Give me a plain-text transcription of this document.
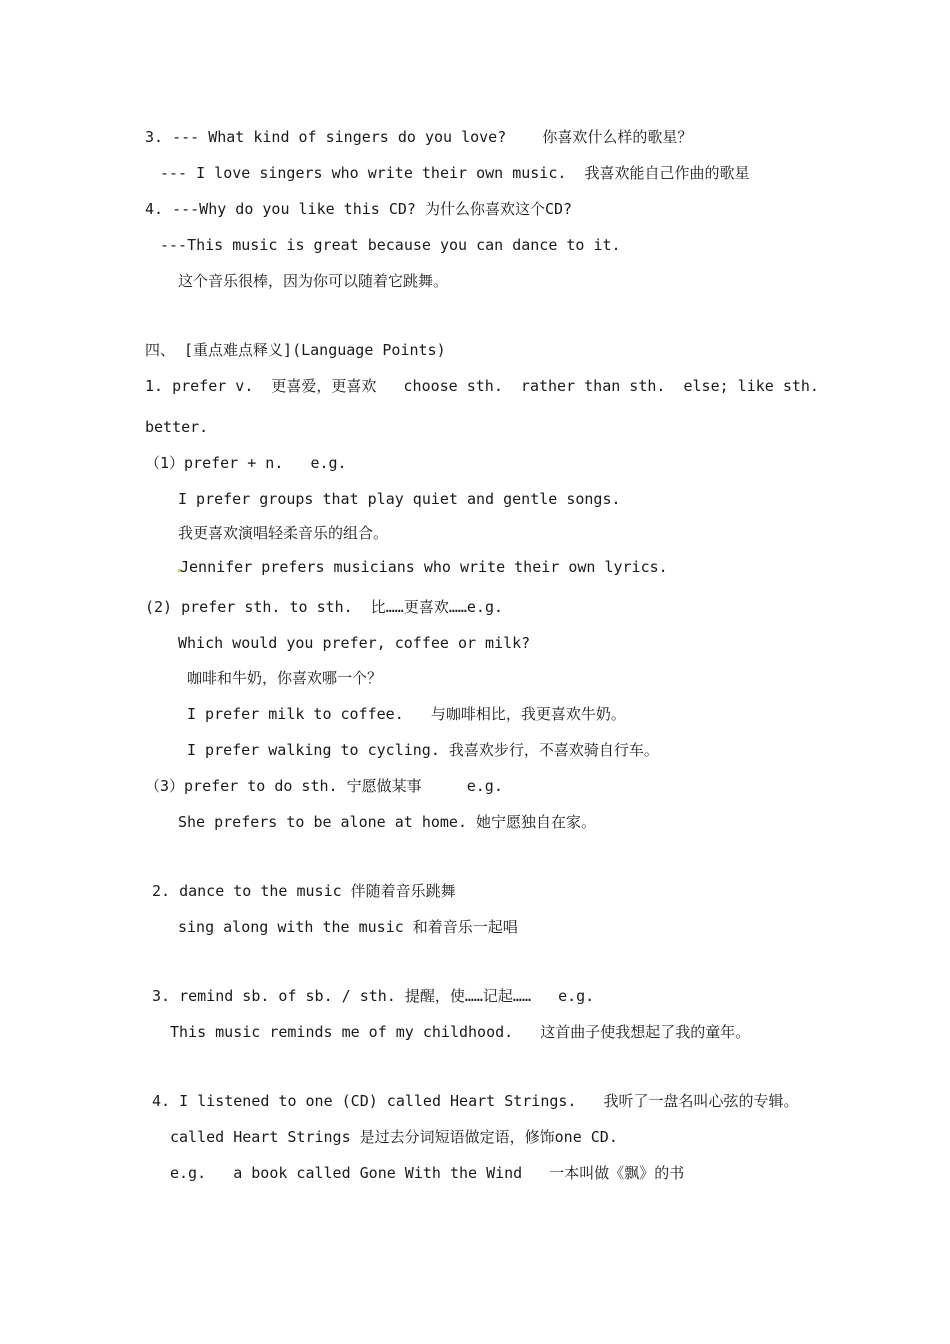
3. --- What kind of singers do you love?    你喜欢什么样的歌星？
--- I love singers who write their own music.  我喜欢能自己作曲的歌星
4. ---Why do you like this CD? 为什么你喜欢这个CD?
---This music is great because you can dance to it.
这个音乐很棒，因为你可以随着它跳舞。
四、 [重点难点释义](Language Points)
1. prefer v.  更喜爱，更喜欢   choose sth.  rather than sth.  else; like sth.
better.
（1）prefer + n.   e.g.
I prefer groups that play quiet and gentle songs.
我更喜欢演唱轻柔音乐的组合。
Jennifer prefers musicians who write their own lyrics.
(2) prefer sth. to sth.  比……更喜欢……e.g.
Which would you prefer, coffee or milk?
咖啡和牛奶，你喜欢哪一个？
I prefer milk to coffee.   与咖啡相比，我更喜欢牛奶。
I prefer walking to cycling. 我喜欢步行，不喜欢骑自行车。
（3）prefer to do sth. 宁愿做某事     e.g.
She prefers to be alone at home. 她宁愿独自在家。
2. dance to the music 伴随着音乐跳舞
sing along with the music 和着音乐一起唱
3. remind sb. of sb. / sth. 提醒，使……记起……   e.g.
This music reminds me of my childhood.   这首曲子使我想起了我的童年。
4. I listened to one (CD) called Heart Strings.   我听了一盘名叫心弦的专辑。
called Heart Strings 是过去分词短语做定语，修饰one CD.
e.g.   a book called Gone With the Wind   一本叫做《飘》的书
